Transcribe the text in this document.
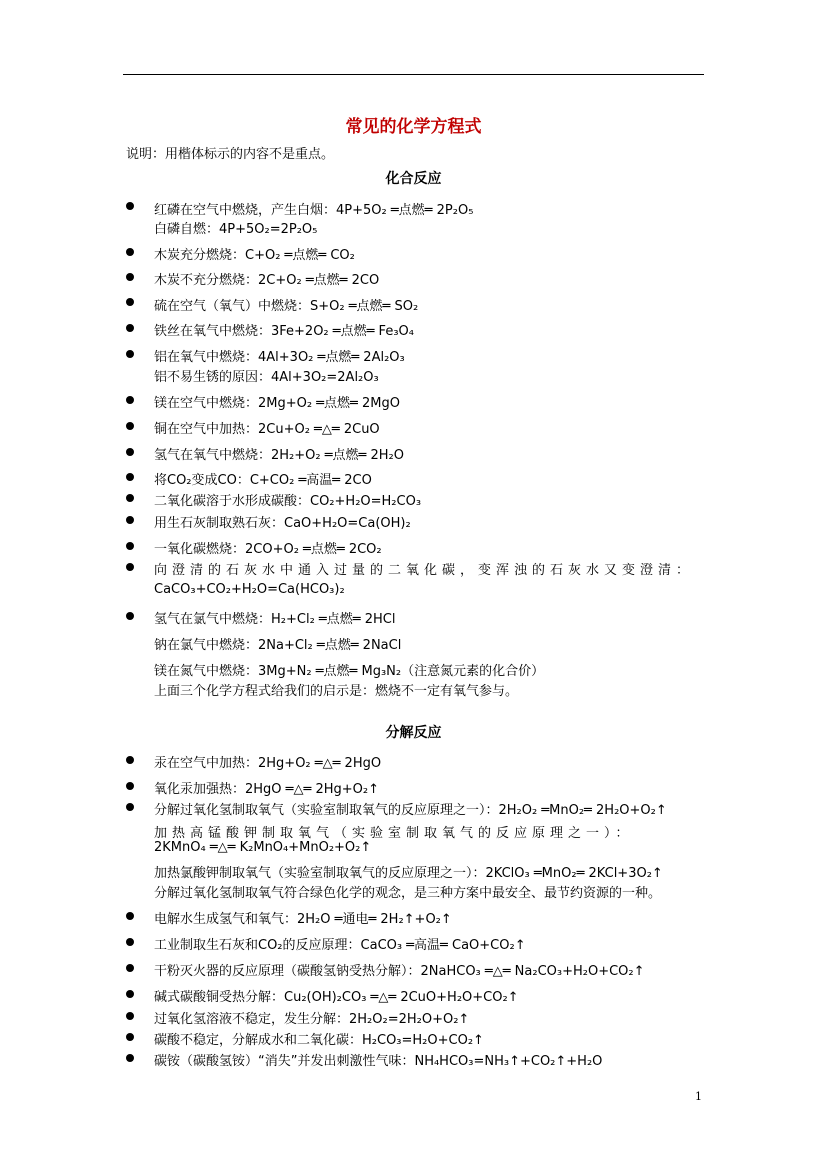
常见的化学方程式
说明：用楷体标示的内容不是重点。
化合反应
红磷在空气中燃烧，产生白烟：4P+5O₂ ═点燃═ 2P₂O₅
白磷自燃：4P+5O₂=2P₂O₅
木炭充分燃烧：C+O₂ ═点燃═ CO₂
木炭不充分燃烧：2C+O₂ ═点燃═ 2CO
硫在空气（氧气）中燃烧：S+O₂ ═点燃═ SO₂
铁丝在氧气中燃烧：3Fe+2O₂ ═点燃═ Fe₃O₄
铝在氧气中燃烧：4Al+3O₂ ═点燃═ 2Al₂O₃
铝不易生锈的原因：4Al+3O₂=2Al₂O₃
镁在空气中燃烧：2Mg+O₂ ═点燃═ 2MgO
铜在空气中加热：2Cu+O₂ ═△═ 2CuO
氢气在氧气中燃烧：2H₂+O₂ ═点燃═ 2H₂O
将CO₂变成CO：C+CO₂ ═高温═ 2CO
二氧化碳溶于水形成碳酸：CO₂+H₂O=H₂CO₃
用生石灰制取熟石灰：CaO+H₂O=Ca(OH)₂
一氧化碳燃烧：2CO+O₂ ═点燃═ 2CO₂
向澄清的石灰水中通入过量的二氧化碳，变浑浊的石灰水又变澄清：
CaCO₃+CO₂+H₂O=Ca(HCO₃)₂
氢气在氯气中燃烧：H₂+Cl₂ ═点燃═ 2HCl
钠在氯气中燃烧：2Na+Cl₂ ═点燃═ 2NaCl
镁在氮气中燃烧：3Mg+N₂ ═点燃═ Mg₃N₂（注意氮元素的化合价）
上面三个化学方程式给我们的启示是：燃烧不一定有氧气参与。
分解反应
汞在空气中加热：2Hg+O₂ ═△═ 2HgO
氧化汞加强热：2HgO ═△═ 2Hg+O₂↑
分解过氧化氢制取氧气（实验室制取氧气的反应原理之一）：2H₂O₂ ═MnO₂═ 2H₂O+O₂↑
加热高锰酸钾制取氧气（实验室制取氧气的反应原理之一）：
2KMnO₄ ═△═ K₂MnO₄+MnO₂+O₂↑
加热氯酸钾制取氧气（实验室制取氧气的反应原理之一）：2KClO₃ ═MnO₂═ 2KCl+3O₂↑
分解过氧化氢制取氧气符合绿色化学的观念，是三种方案中最安全、最节约资源的一种。
电解水生成氢气和氧气：2H₂O ═通电═ 2H₂↑+O₂↑
工业制取生石灰和CO₂的反应原理：CaCO₃ ═高温═ CaO+CO₂↑
干粉灭火器的反应原理（碳酸氢钠受热分解）：2NaHCO₃ ═△═ Na₂CO₃+H₂O+CO₂↑
碱式碳酸铜受热分解：Cu₂(OH)₂CO₃ ═△═ 2CuO+H₂O+CO₂↑
过氧化氢溶液不稳定，发生分解：2H₂O₂=2H₂O+O₂↑
碳酸不稳定，分解成水和二氧化碳：H₂CO₃=H₂O+CO₂↑
碳铵（碳酸氢铵）“消失”并发出刺激性气味：NH₄HCO₃=NH₃↑+CO₂↑+H₂O
1
